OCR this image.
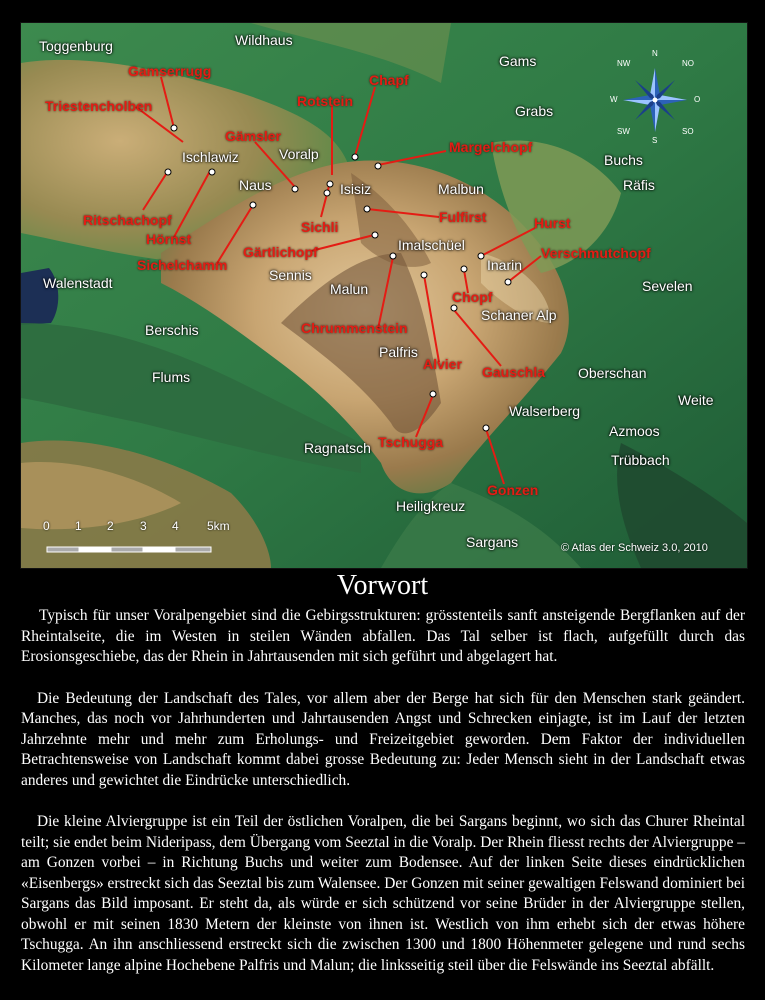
N
NO
O
SO
S
SW
W
NW
Toggenburg	Wildhaus
Gams
Grabs
Buchs
Räfis
Ischlawiz	Voralp
Naus	Isisiz	Malbun
Walenstadt	Sennis
Malun
Imalschüel
Inarin
Sevelen
Berschis
Schaner Alp
Palfris
Flums	Oberschan
Weite
Walserberg
Azmoos
Trübbach
Ragnatsch
Heiligkreuz
Sargans
Gamserrugg
Chapf
Triestencholben	Rotstein
Gämsler
Margelchopf
Ritschachopf
Hörnst
Sichelchamm
Sichli
Gärtlichopf
Fulfirst	Hurst
Verschmutchopf
Chopf
Chrummenstein
Alvier Gauschla
Tschugga
Gonzen
0 1 2 3 4 5km
© Atlas der Schweiz 3.0, 2010
Vorwort

Typisch für unser Voralpengebiet sind die Gebirgsstrukturen: grösstenteils sanft ansteigende Bergflanken auf der Rheintalseite, die im Westen in steilen Wänden abfallen. Das Tal selber ist flach, aufgefüllt durch das Erosionsgeschiebe, das der Rhein in Jahrtausenden mit sich geführt und abgelagert hat.

Die Bedeutung der Landschaft des Tales, vor allem aber der Berge hat sich für den Menschen stark geändert. Manches, das noch vor Jahrhunderten und Jahrtausenden Angst und Schrecken einjagte, ist im Lauf der letzten Jahrzehnte mehr und mehr zum Erholungs- und Freizeitgebiet geworden. Dem Faktor der individuellen Betrachtensweise von Landschaft kommt dabei grosse Bedeutung zu: Jeder Mensch sieht in der Landschaft etwas anderes und gewichtet die Eindrücke unterschiedlich.

Die kleine Alviergruppe ist ein Teil der östlichen Voralpen, die bei Sargans beginnt, wo sich das Churer Rheintal teilt; sie endet beim Nideripass, dem Übergang vom Seeztal in die Voralp. Der Rhein fliesst rechts der Alviergruppe – am Gonzen vorbei – in Richtung Buchs und weiter zum Bodensee. Auf der linken Seite dieses eindrücklichen «Eisenbergs» erstreckt sich das Seeztal bis zum Walensee. Der Gonzen mit seiner gewaltigen Felswand dominiert bei Sargans das Bild imposant. Er steht da, als würde er sich schützend vor seine Brüder in der Alviergruppe stellen, obwohl er mit seinen 1830 Metern der kleinste von ihnen ist. Westlich von ihm erhebt sich der etwas höhere Tschugga. An ihn anschliessend erstreckt sich die zwischen 1300 und 1800 Höhenmeter gelegene und rund sechs Kilometer lange alpine Hochebene Palfris und Malun; die linksseitig steil über die Felswände ins Seeztal abfällt.
